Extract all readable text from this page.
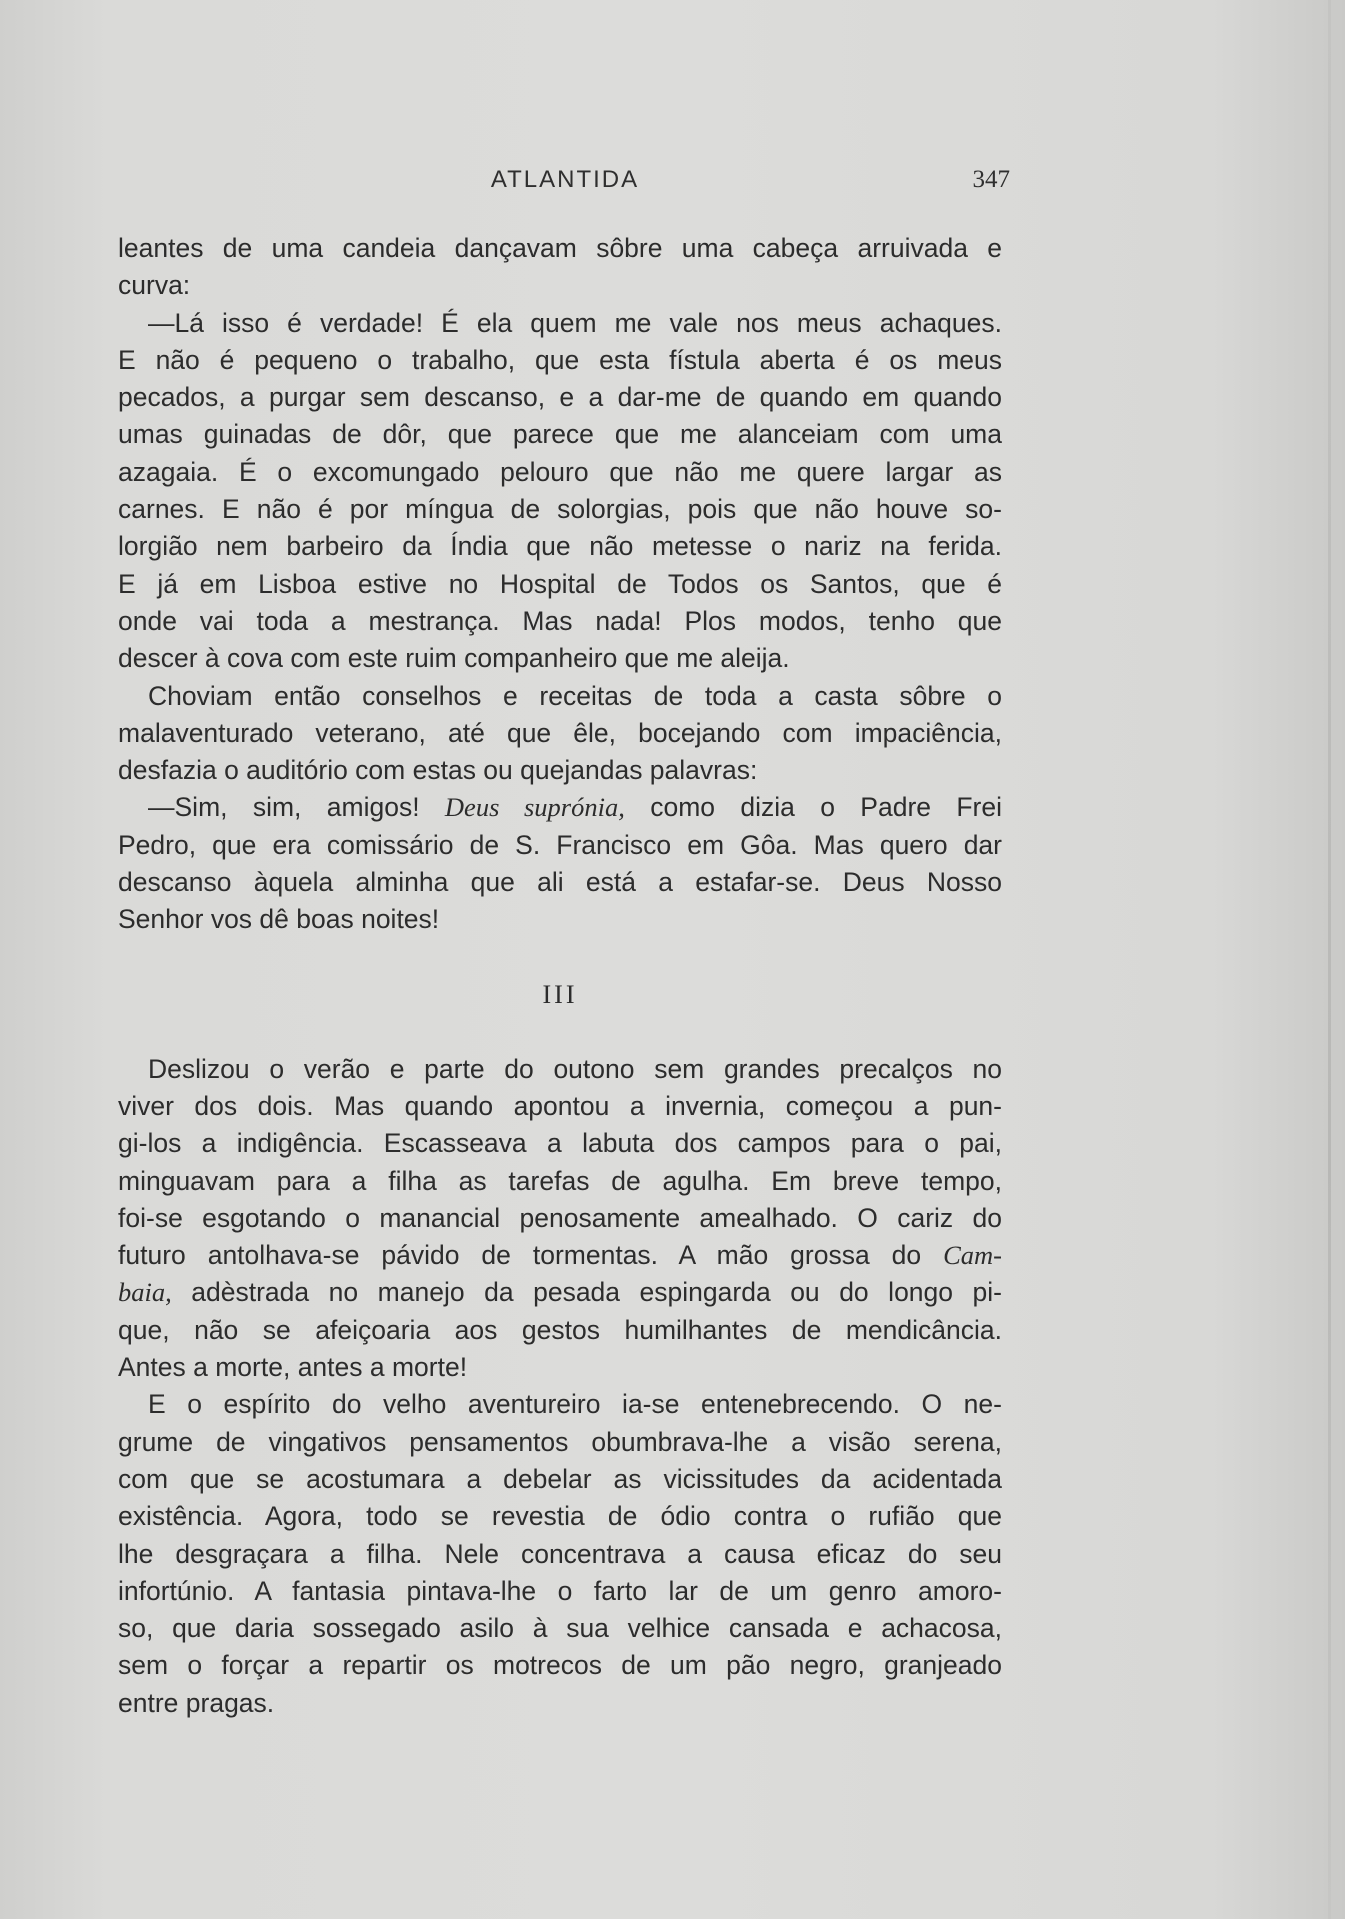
ATLANTIDA	347
leantes de uma candeia dançavam sôbre uma cabeça arruivada e
curva:
—Lá isso é verdade! É ela quem me vale nos meus achaques.
E não é pequeno o trabalho, que esta fístula aberta é os meus
pecados, a purgar sem descanso, e a dar-me de quando em quando
umas guinadas de dôr, que parece que me alanceiam com uma
azagaia. É o excomungado pelouro que não me quere largar as
carnes. E não é por míngua de solorgias, pois que não houve so-
lorgião nem barbeiro da Índia que não metesse o nariz na ferida.
E já em Lisboa estive no Hospital de Todos os Santos, que é
onde vai toda a mestrança. Mas nada! Plos modos, tenho que
descer à cova com este ruim companheiro que me aleija.
Choviam então conselhos e receitas de toda a casta sôbre o
malaventurado veterano, até que êle, bocejando com impaciência,
desfazia o auditório com estas ou quejandas palavras:
—Sim, sim, amigos! Deus suprónia, como dizia o Padre Frei
Pedro, que era comissário de S. Francisco em Gôa. Mas quero dar
descanso àquela alminha que ali está a estafar-se. Deus Nosso
Senhor vos dê boas noites!
III
Deslizou o verão e parte do outono sem grandes precalços no
viver dos dois. Mas quando apontou a invernia, começou a pun-
gi-los a indigência. Escasseava a labuta dos campos para o pai,
minguavam para a filha as tarefas de agulha. Em breve tempo,
foi-se esgotando o manancial penosamente amealhado. O cariz do
futuro antolhava-se pávido de tormentas. A mão grossa do Cam-
baia, adèstrada no manejo da pesada espingarda ou do longo pi-
que, não se afeiçoaria aos gestos humilhantes de mendicância.
Antes a morte, antes a morte!
E o espírito do velho aventureiro ia-se entenebrecendo. O ne-
grume de vingativos pensamentos obumbrava-lhe a visão serena,
com que se acostumara a debelar as vicissitudes da acidentada
existência. Agora, todo se revestia de ódio contra o rufião que
lhe desgraçara a filha. Nele concentrava a causa eficaz do seu
infortúnio. A fantasia pintava-lhe o farto lar de um genro amoro-
so, que daria sossegado asilo à sua velhice cansada e achacosa,
sem o forçar a repartir os motrecos de um pão negro, granjeado
entre pragas.
